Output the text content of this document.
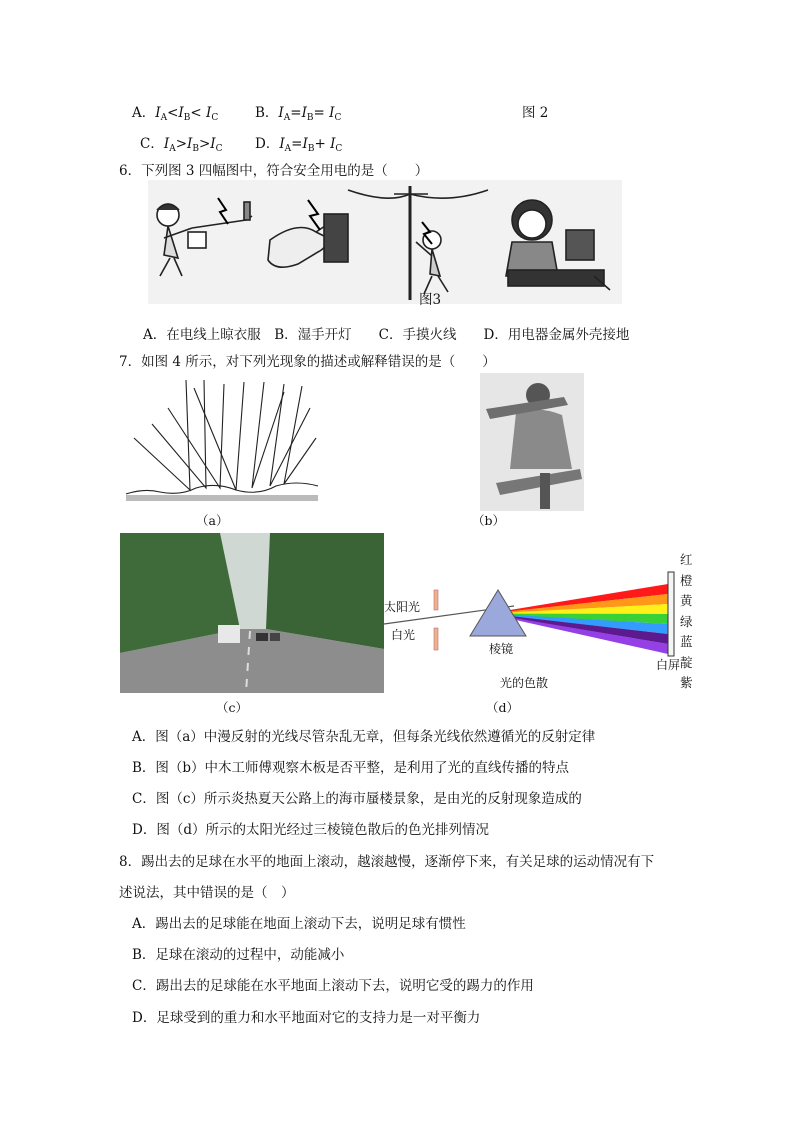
A．$I_A<I_B< I_C$	B．$I_A=I_B= I_C$	图 2
C．$I_A>I_B>I_C$ D．$I_A=I_B+ I_C$
6．下列图 3 四幅图中，符合安全用电的是（　　）
图3
A．在电线上晾衣服　B．湿手开灯　　C．手摸火线　　D．用电器金属外壳接地
7．如图 4 所示，对下列光现象的描述或解释错误的是（　　）
（a）	（b）
（c）
太阳光
白光
棱镜
光的色散
白屏
红
橙
黄
绿
蓝
靛
紫
（d）
A．图（a）中漫反射的光线尽管杂乱无章，但每条光线依然遵循光的反射定律
B．图（b）中木工师傅观察木板是否平整，是利用了光的直线传播的特点
C．图（c）所示炎热夏天公路上的海市蜃楼景象，是由光的反射现象造成的
D．图（d）所示的太阳光经过三棱镜色散后的色光排列情况
8．踢出去的足球在水平的地面上滚动，越滚越慢，逐渐停下来，有关足球的运动情况有下
述说法，其中错误的是（　）
A．踢出去的足球能在地面上滚动下去，说明足球有惯性
B．足球在滚动的过程中，动能减小
C．踢出去的足球能在水平地面上滚动下去，说明它受的踢力的作用
D．足球受到的重力和水平地面对它的支持力是一对平衡力
